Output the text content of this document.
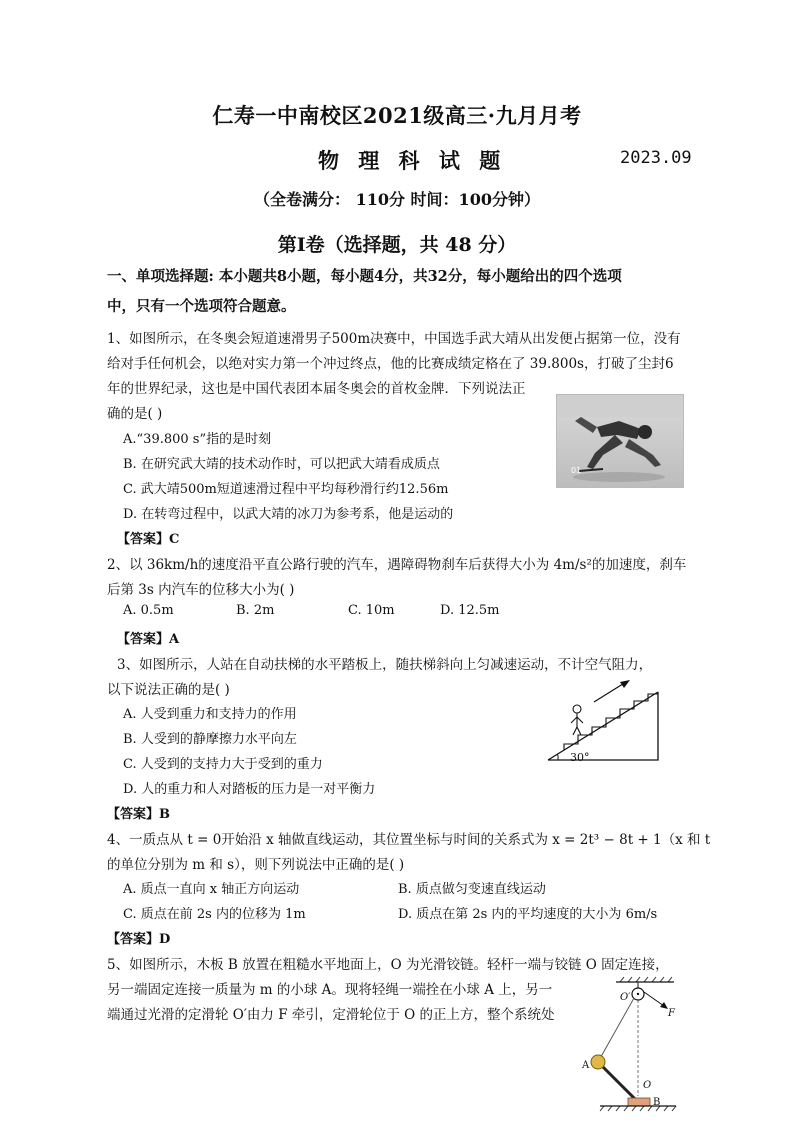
仁寿一中南校区2021级高三·九月月考
物 理 科 试 题	2023.09
（全卷满分： 110分 时间：100分钟）
第Ⅰ卷（选择题，共 48 分）
一、单项选择题: 本小题共8小题，每小题4分，共32分，每小题给出的四个选项
中，只有一个选项符合题意。
1、如图所示，在冬奥会短道速滑男子500m决赛中，中国选手武大靖从出发便占据第一位，没有
给对手任何机会，以绝对实力第一个冲过终点，他的比赛成绩定格在了 39.800s，打破了尘封6
年的世界纪录，这也是中国代表团本届冬奥会的首枚金牌．下列说法正
确的是( )
01
A.“39.800 s”指的是时刻
B. 在研究武大靖的技术动作时，可以把武大靖看成质点
C. 武大靖500m短道速滑过程中平均每秒滑行约12.56m
D. 在转弯过程中，以武大靖的冰刀为参考系，他是运动的
【答案】C
2、以 36km/h的速度沿平直公路行驶的汽车，遇障碍物刹车后获得大小为 4m/s²的加速度，刹车
后第 3s 内汽车的位移大小为( )
A. 0.5m	B. 2m	C. 10m	D. 12.5m
【答案】A
3、如图所示，人站在自动扶梯的水平踏板上，随扶梯斜向上匀减速运动，不计空气阻力，
以下说法正确的是( )
A. 人受到重力和支持力的作用
B. 人受到的静摩擦力水平向左
C. 人受到的支持力大于受到的重力
D. 人的重力和人对踏板的压力是一对平衡力
【答案】B
30°
4、一质点从 t = 0开始沿 x 轴做直线运动，其位置坐标与时间的关系式为 x = 2t³ − 8t + 1（x 和 t
的单位分别为 m 和 s），则下列说法中正确的是( )
A. 质点一直向 x 轴正方向运动	B. 质点做匀变速直线运动
C. 质点在前 2s 内的位移为 1m	D. 质点在第 2s 内的平均速度的大小为 6m/s
【答案】D
5、如图所示，木板 B 放置在粗糙水平地面上，O 为光滑铰链。轻杆一端与铰链 O 固定连接，
另一端固定连接一质量为 m 的小球 A。现将轻绳一端拴在小球 A 上，另一
端通过光滑的定滑轮 O′由力 F 牵引，定滑轮位于 O 的正上方，整个系统处
O′
F
A
O
B
